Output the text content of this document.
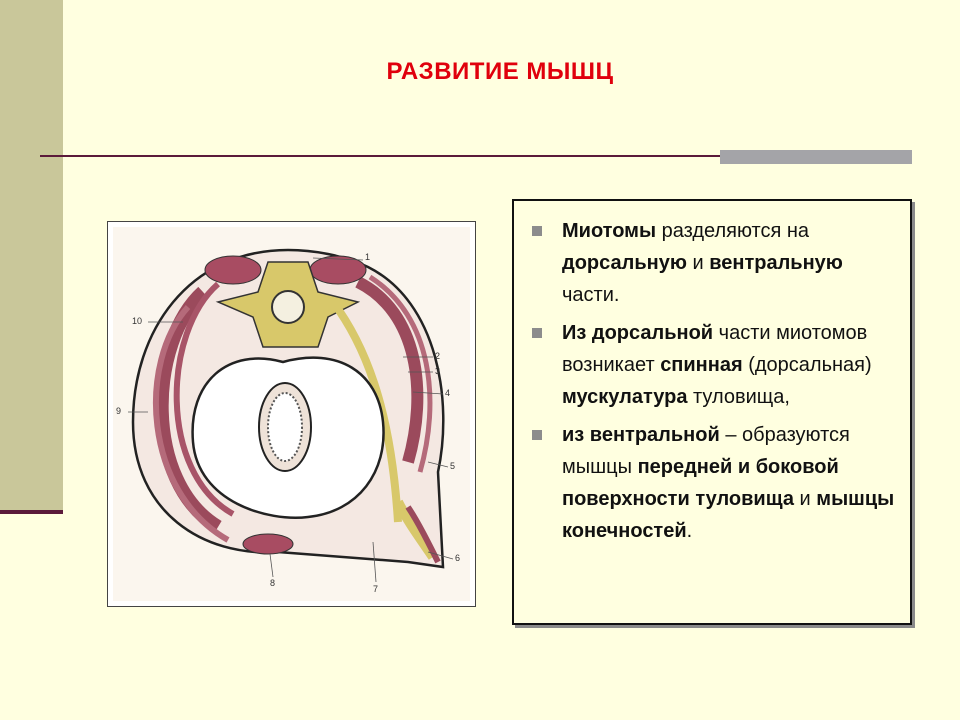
РАЗВИТИЕ МЫШЦ
1
2
3
4
5
6
7
8
9
10
Миотомы разделяются на дорсальную и вентральную части.
Из дорсальной части миотомов возникает спинная (дорсальная) мускулатура туловища,
из вентральной – образуются мышцы передней и боковой поверхности туловища и мышцы конечностей.
